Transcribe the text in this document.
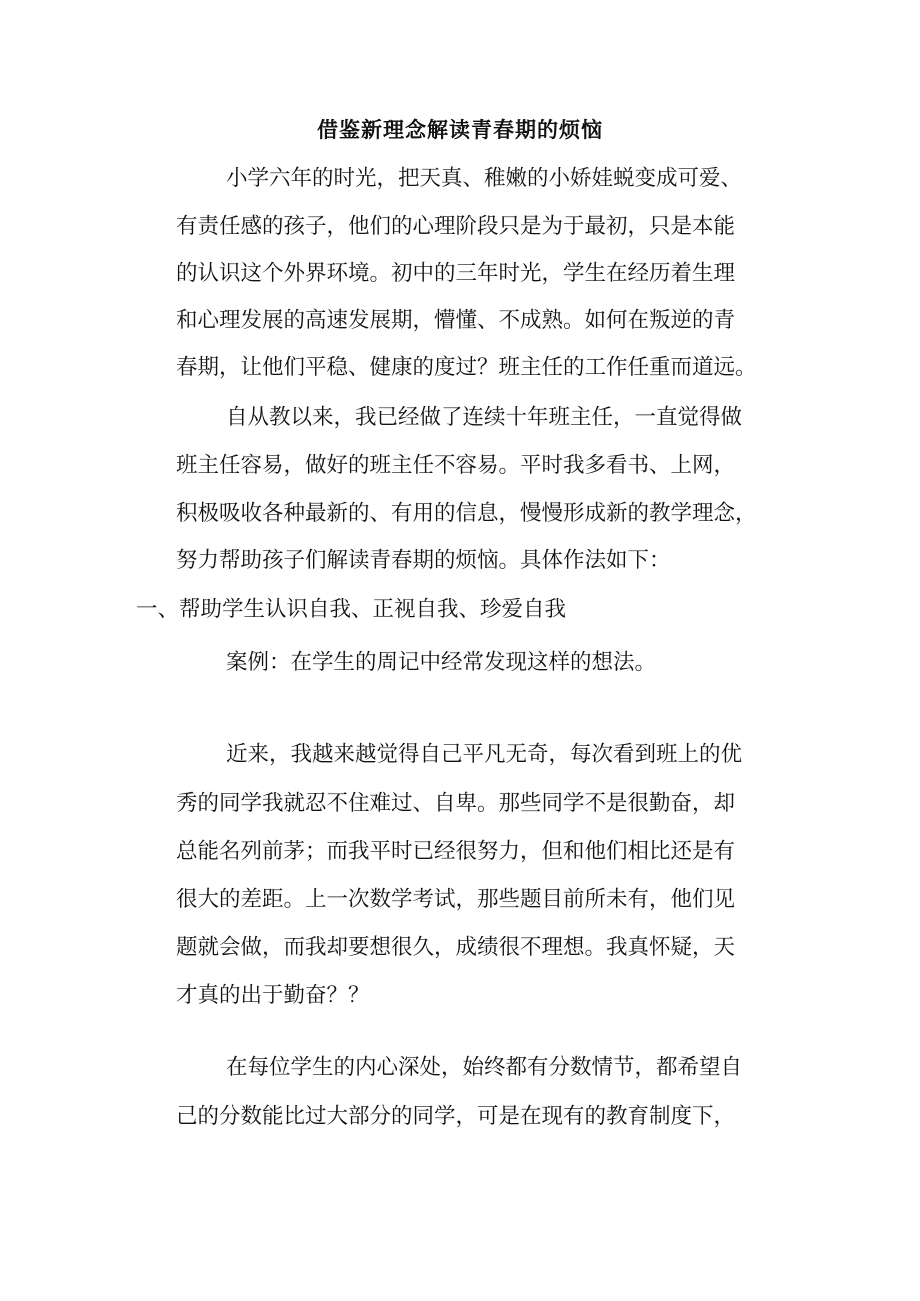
借鉴新理念解读青春期的烦恼
小学六年的时光，把天真、稚嫩的小娇娃蜕变成可爱、
有责任感的孩子，他们的心理阶段只是为于最初，只是本能
的认识这个外界环境。初中的三年时光，学生在经历着生理
和心理发展的高速发展期，懵懂、不成熟。如何在叛逆的青
春期，让他们平稳、健康的度过？班主任的工作任重而道远。
自从教以来，我已经做了连续十年班主任，一直觉得做
班主任容易，做好的班主任不容易。平时我多看书、上网，
积极吸收各种最新的、有用的信息，慢慢形成新的教学理念，
努力帮助孩子们解读青春期的烦恼。具体作法如下：
一、帮助学生认识自我、正视自我、珍爱自我
案例：在学生的周记中经常发现这样的想法。
近来，我越来越觉得自己平凡无奇，每次看到班上的优
秀的同学我就忍不住难过、自卑。那些同学不是很勤奋，却
总能名列前茅；而我平时已经很努力，但和他们相比还是有
很大的差距。上一次数学考试，那些题目前所未有，他们见
题就会做，而我却要想很久，成绩很不理想。我真怀疑，天
才真的出于勤奋？？
在每位学生的内心深处，始终都有分数情节，都希望自
己的分数能比过大部分的同学，可是在现有的教育制度下，
